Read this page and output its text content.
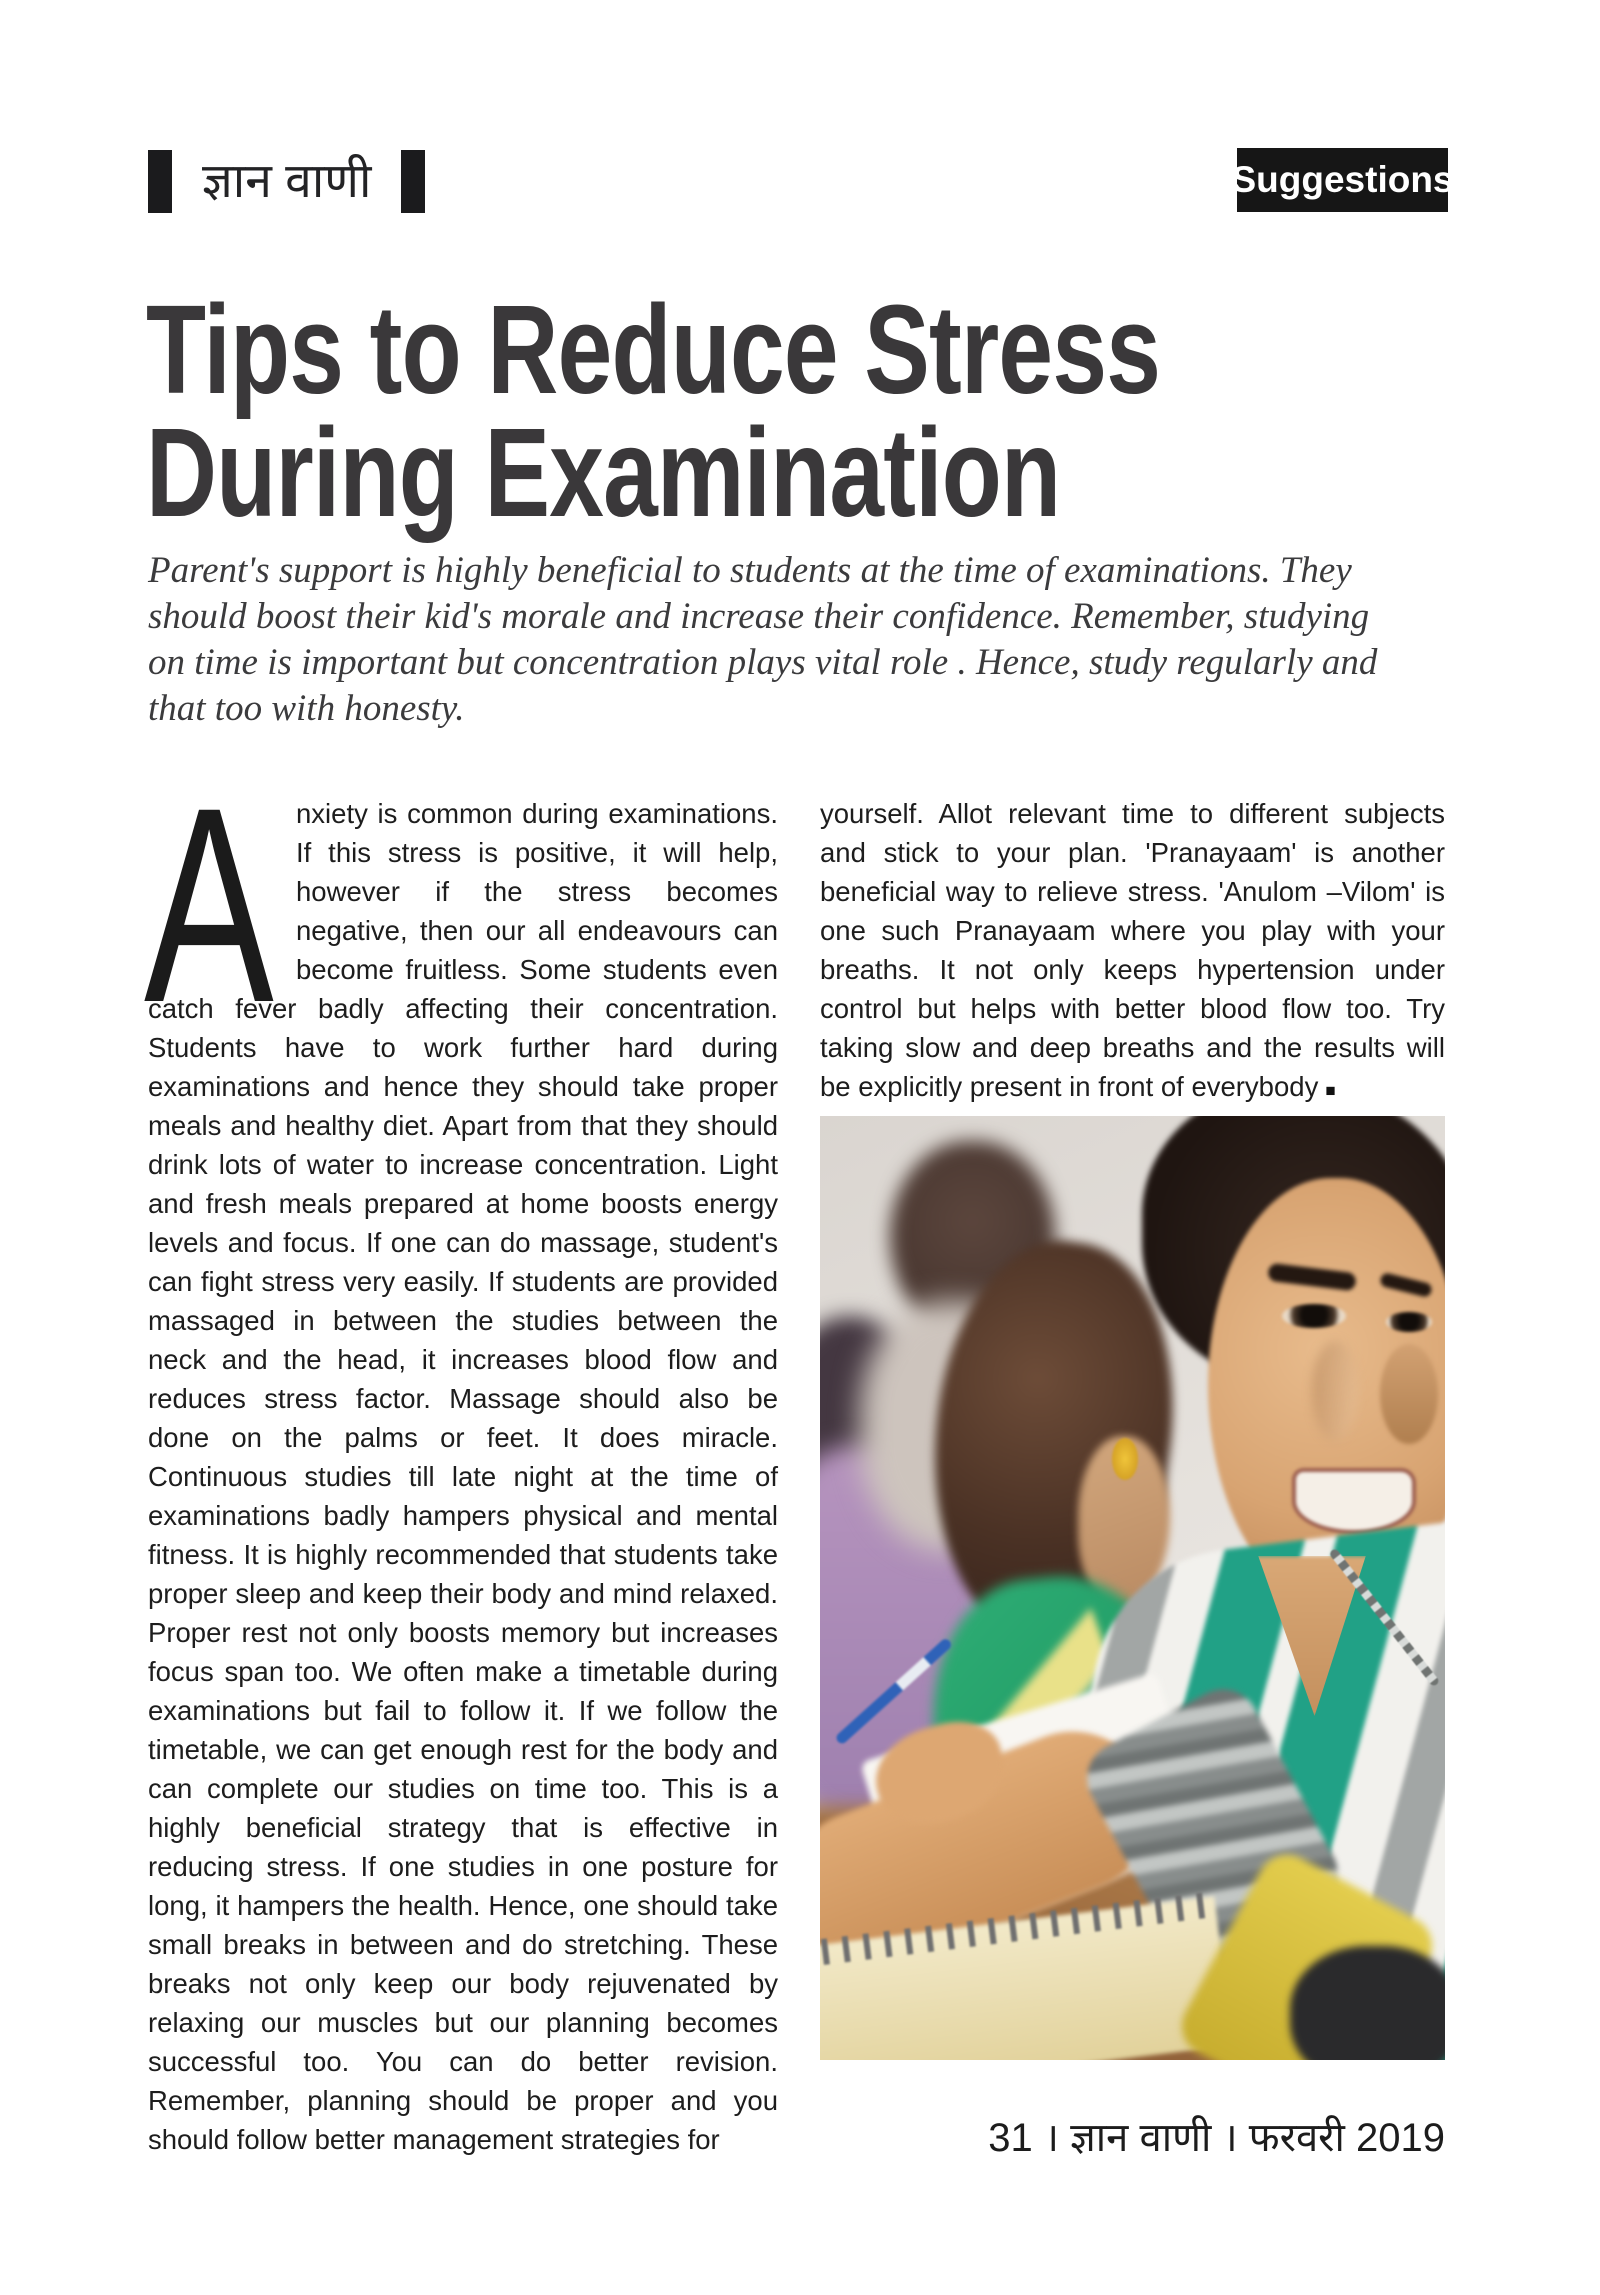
ज्ञान वाणी	Suggestions
Tips to Reduce Stress
During Examination

Parent's support is highly beneficial to students at the time of examinations. They should boost their kid's morale and increase their confidence. Remember, studying on time is important but concentration plays vital role . Hence, study regularly and that too with honesty.

A nxiety is common during examinations. If this stress is positive, it will help, however if the stress becomes negative, then our all endeavours can become fruitless. Some students even catch fever badly affecting their concentration. Students have to work further hard during examinations and hence they should take proper meals and healthy diet. Apart from that they should drink lots of water to increase concentration. Light and fresh meals prepared at home boosts energy levels and focus. If one can do massage, student's can fight stress very easily. If students are provided massaged in between the studies between the neck and the head, it increases blood flow and reduces stress factor. Massage should also be done on the palms or feet. It does miracle. Continuous studies till late night at the time of examinations badly hampers physical and mental fitness. It is highly recommended that students take proper sleep and keep their body and mind relaxed. Proper rest not only boosts memory but increases focus span too. We often make a timetable during examinations but fail to follow it. If we follow the timetable, we can get enough rest for the body and can complete our studies on time too. This is a highly beneficial strategy that is effective in reducing stress. If one studies in one posture for long, it hampers the health. Hence, one should take small breaks in between and do stretching. These breaks not only keep our body rejuvenated by relaxing our muscles but our planning becomes successful too. You can do better revision. Remember, planning should be proper and you should follow better management strategies for

yourself. Allot relevant time to different subjects and stick to your plan. 'Pranayaam' is another beneficial way to relieve stress. 'Anulom –Vilom' is one such Pranayaam where you play with your breaths. It not only keeps hypertension under control but helps with better blood flow too. Try taking slow and deep breaths and the results will be explicitly present in front of everybody ■

31 । ज्ञान वाणी । फरवरी 2019
